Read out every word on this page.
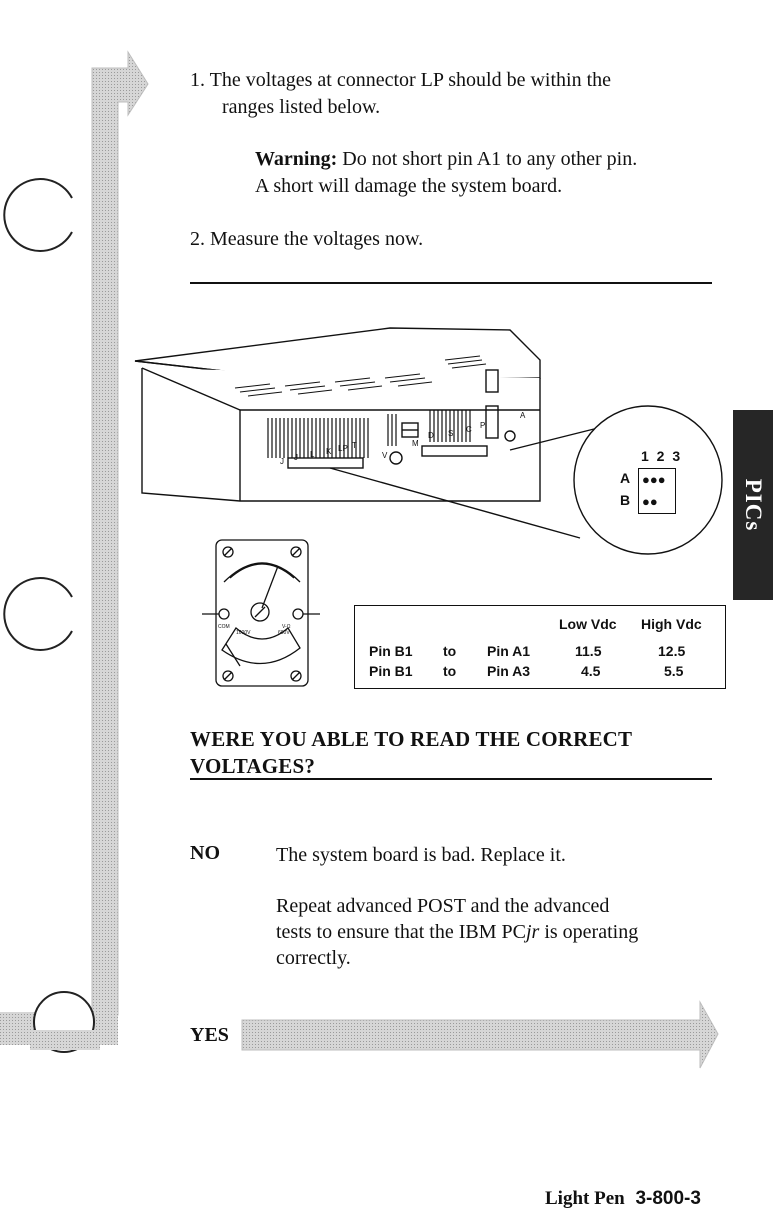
1. The voltages at connector LP should be within the
ranges listed below.
Warning: Do not short pin A1 to any other pin.
A short will damage the system board.
2. Measure the voltages now.
J J L K LP T	M
D S C P
A
V	1 2 3
A
B
●●●
●●
COM	V-Ω
1000V	600V
Low Vdc High Vdc
Pin B1 to Pin A1	11.5	12.5
Pin B1 to Pin A3	4.5	5.5
PICs
WERE YOU ABLE TO READ THE CORRECT
VOLTAGES?
NO	The system board is bad. Replace it.
Repeat advanced POST and the advanced
tests to ensure that the IBM PCjr is operating
correctly.
YES
Light Pen 3-800-3
